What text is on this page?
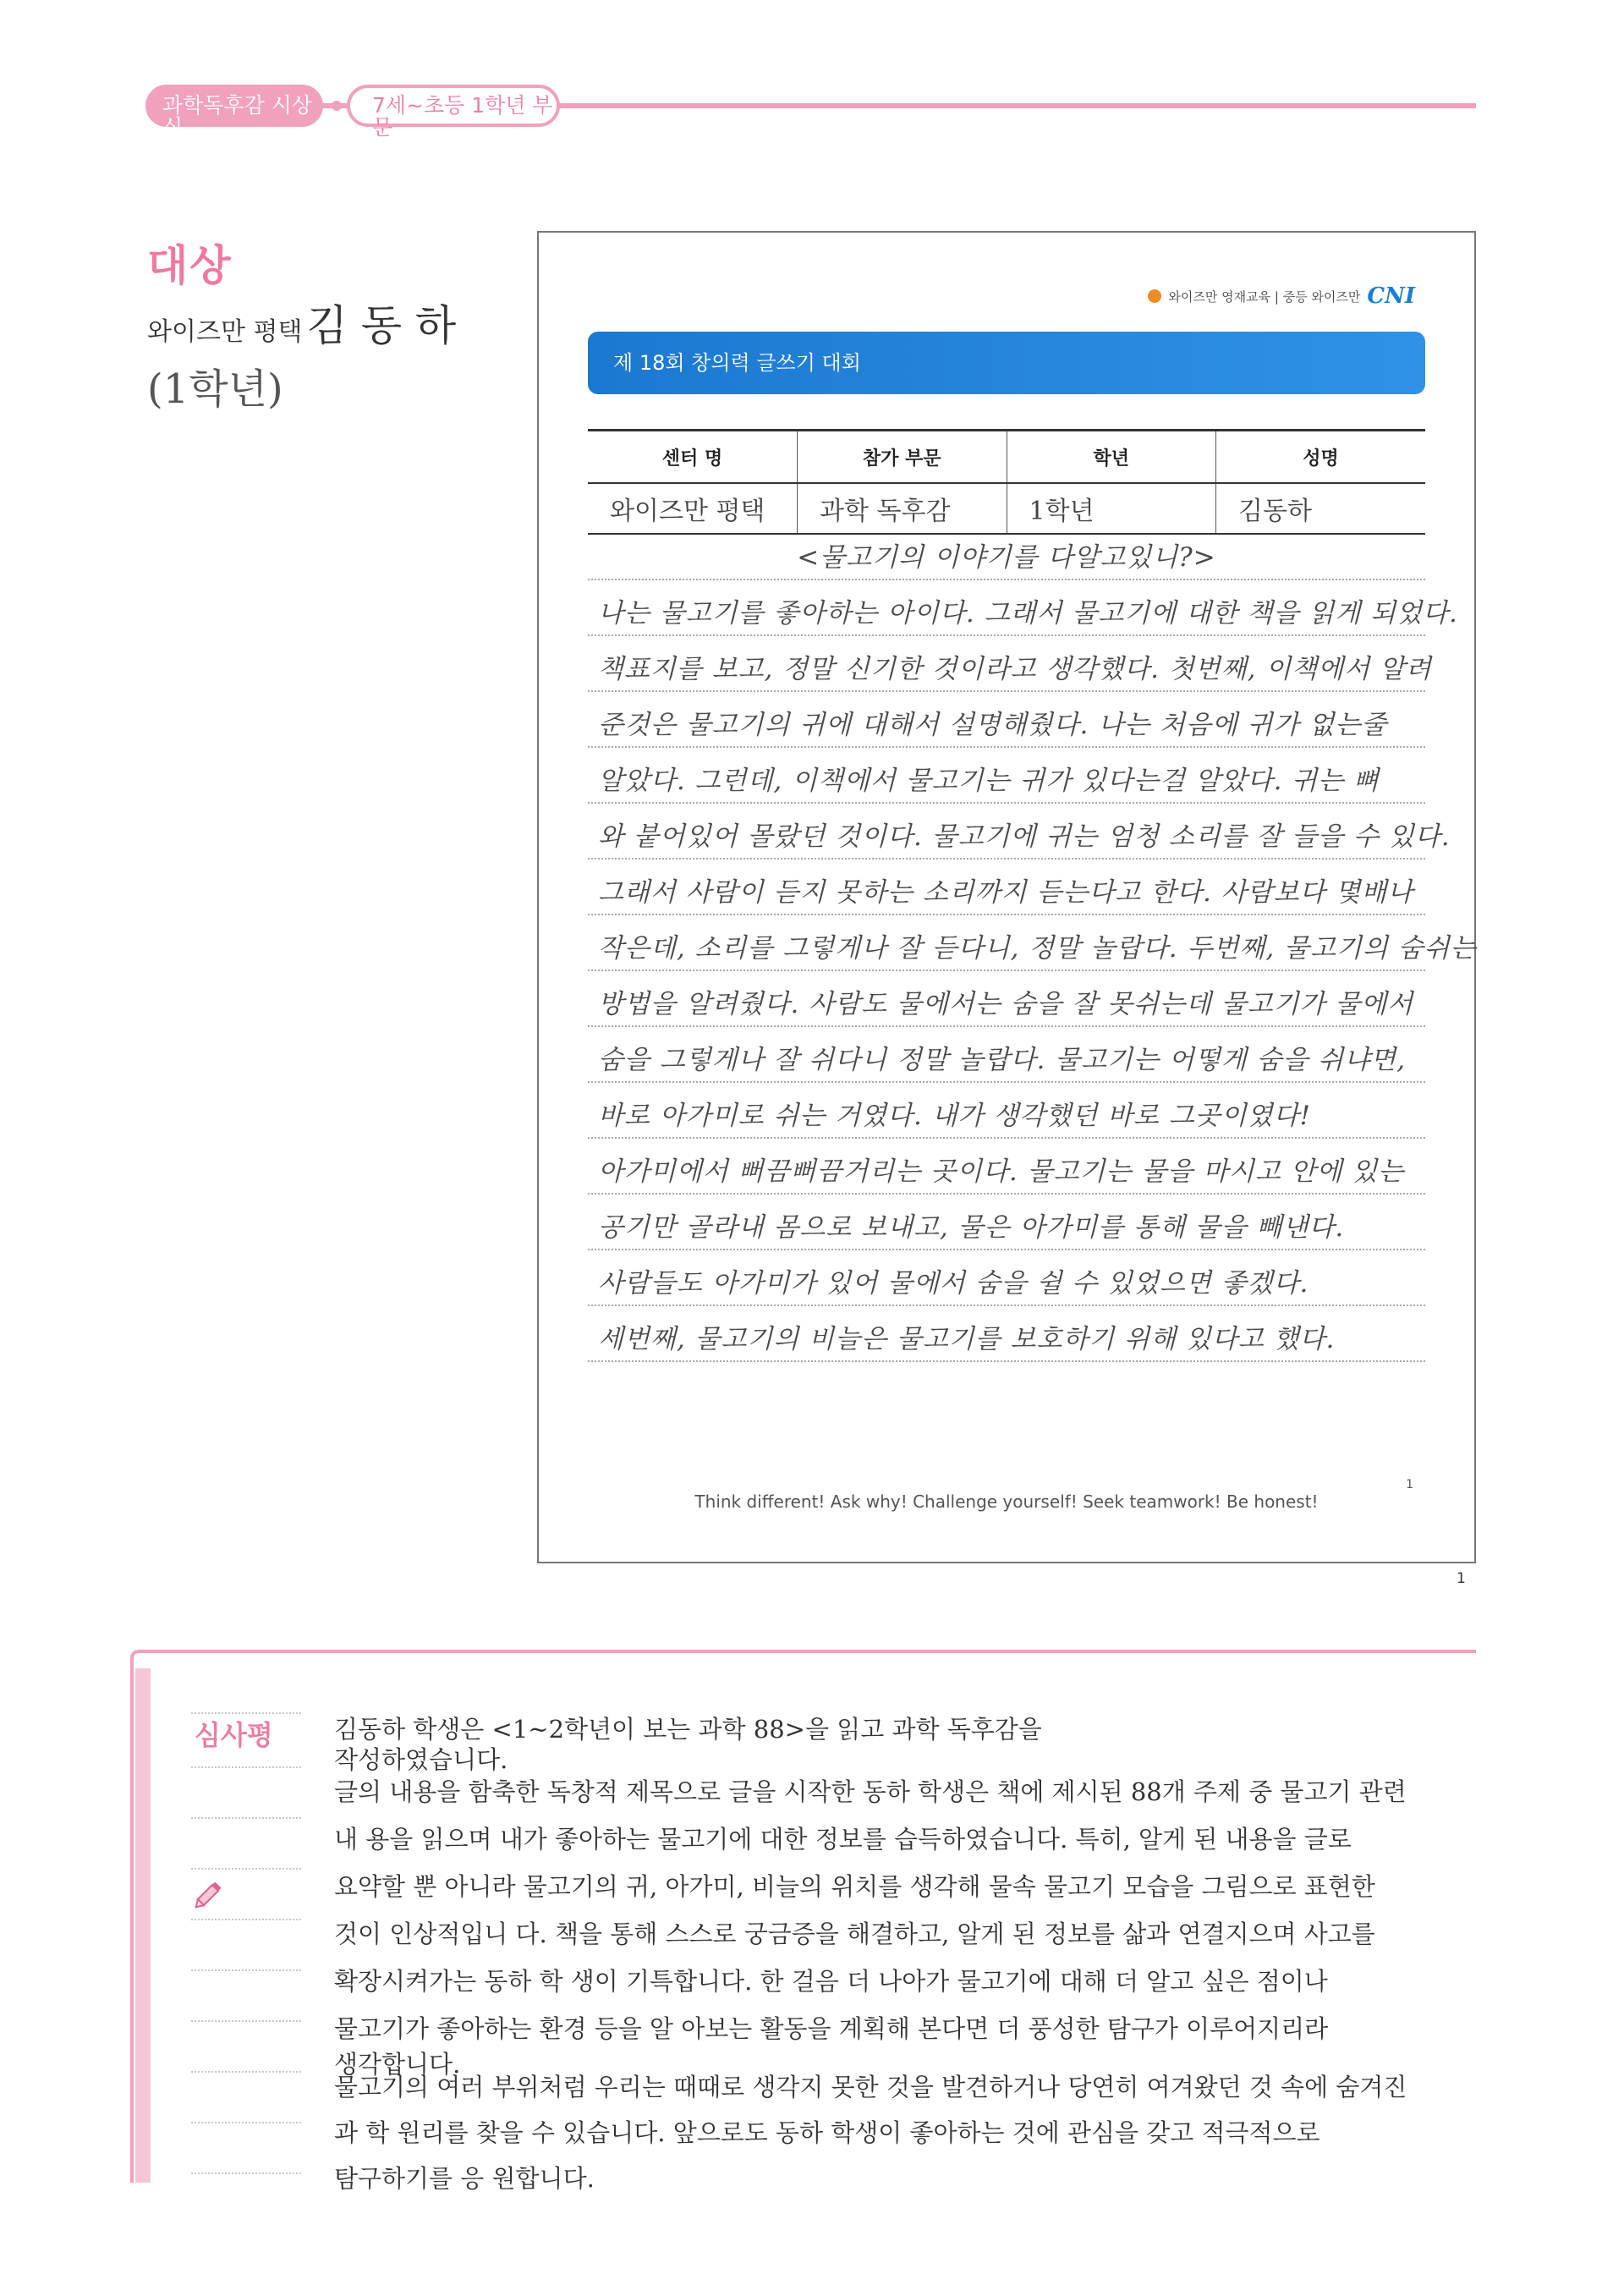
과학독후감 시상식
7세~초등 1학년 부문
대상
와이즈만 평택 김 동 하
(1학년)
와이즈만 영재교육 | 중등 와이즈만 CNI
제 18회 창의력 글쓰기 대회
센터 명	참가 부문	학년	성명
와이즈만 평택	과학 독후감	1학년	김동하
<물고기의 이야기를 다알고있니?>
나는 물고기를 좋아하는 아이다. 그래서 물고기에 대한 책을 읽게 되었다.
책표지를 보고, 정말 신기한 것이라고 생각했다. 첫번째, 이책에서 알려
준것은 물고기의 귀에 대해서 설명해줬다. 나는 처음에 귀가 없는줄
알았다. 그런데, 이책에서 물고기는 귀가 있다는걸 알았다. 귀는 뼈
와 붙어있어 몰랐던 것이다. 물고기에 귀는 엄청 소리를 잘 들을 수 있다.
그래서 사람이 듣지 못하는 소리까지 듣는다고 한다. 사람보다 몇배나
작은데, 소리를 그렇게나 잘 듣다니, 정말 놀랍다. 두번째, 물고기의 숨쉬는
방법을 알려줬다. 사람도 물에서는 숨을 잘 못쉬는데 물고기가 물에서
숨을 그렇게나 잘 쉬다니 정말 놀랍다. 물고기는 어떻게 숨을 쉬냐면,
바로 아가미로 쉬는 거였다. 내가 생각했던 바로 그곳이였다!
아가미에서 뻐끔뻐끔거리는 곳이다. 물고기는 물을 마시고 안에 있는
공기만 골라내 몸으로 보내고, 물은 아가미를 통해 물을 빼낸다.
사람들도 아가미가 있어 물에서 숨을 쉴 수 있었으면 좋겠다.
세번째, 물고기의 비늘은 물고기를 보호하기 위해 있다고 했다.
1
Think different! Ask why! Challenge yourself! Seek teamwork! Be honest!
1
심사평 김동하 학생은 <1~2학년이 보는 과학 88>을 읽고 과학 독후감을

작성하였습니다.

글의 내용을 함축한 독창적 제목으로 글을 시작한 동하 학생은 책에 제시된 88개 주제 중 물고기 관련

내 용을 읽으며 내가 좋아하는 물고기에 대한 정보를 습득하였습니다. 특히, 알게 된 내용을 글로

요약할 뿐 아니라 물고기의 귀, 아가미, 비늘의 위치를 생각해 물속 물고기 모습을 그림으로 표현한

것이 인상적입니 다. 책을 통해 스스로 궁금증을 해결하고, 알게 된 정보를 삶과 연결지으며 사고를

확장시켜가는 동하 학 생이 기특합니다. 한 걸음 더 나아가 물고기에 대해 더 알고 싶은 점이나

물고기가 좋아하는 환경 등을 알 아보는 활동을 계획해 본다면 더 풍성한 탐구가 이루어지리라

생각합니다.

물고기의 여러 부위처럼 우리는 때때로 생각지 못한 것을 발견하거나 당연히 여겨왔던 것 속에 숨겨진

과 학 원리를 찾을 수 있습니다. 앞으로도 동하 학생이 좋아하는 것에 관심을 갖고 적극적으로

탐구하기를 응 원합니다.
